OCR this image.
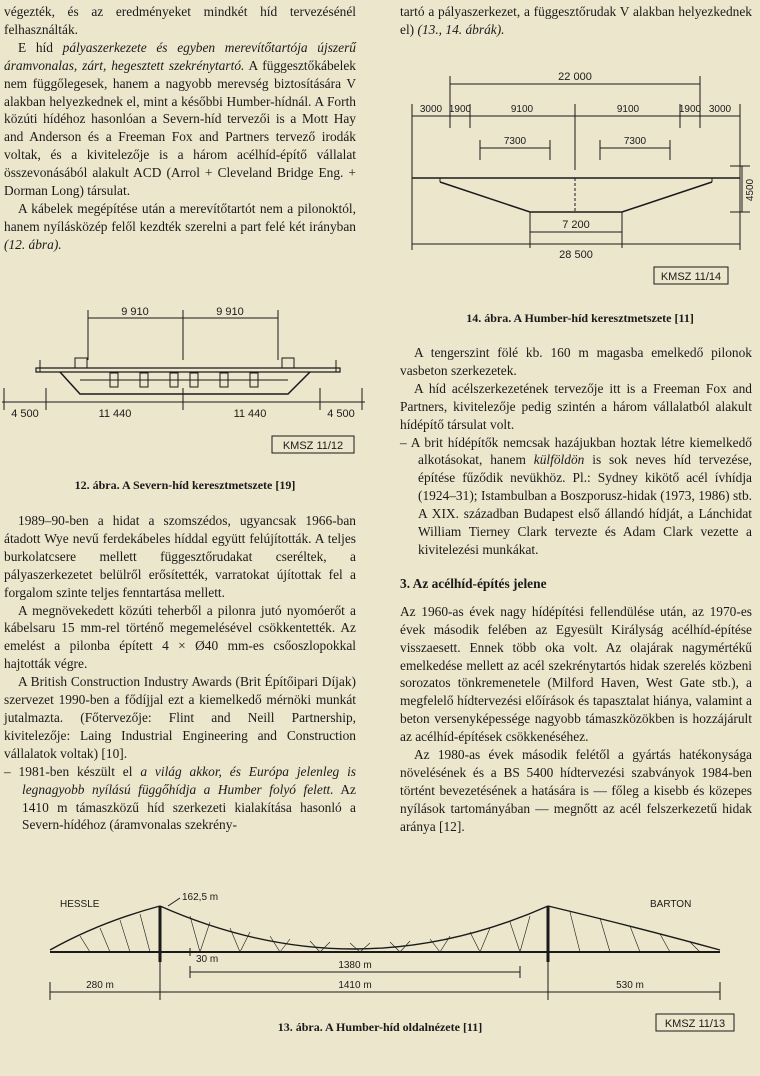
végezték, és az eredményeket mindkét híd tervezésénél felhasználták.

E híd pályaszerkezete és egyben merevítőtartója újszerű áramvonalas, zárt, hegesztett szekrénytartó. A függesztőkábelek nem függőlegesek, hanem a nagyobb merevség biztosítására V alakban helyezkednek el, mint a későbbi Humber-hídnál. A Forth közúti hídéhoz hasonlóan a Severn-híd tervezői is a Mott Hay and Anderson és a Freeman Fox and Partners tervező irodák voltak, és a kivitelezője is a három acélhíd-építő vállalat összevonásából alakult ACD (Arrol + Cleveland Bridge Eng. + Dorman Long) társulat.

A kábelek megépítése után a merevítőtartót nem a pilonoktól, hanem nyílásközép felől kezdték szerelni a part felé két irányban (12. ábra).

9 910	9 910
4 500	11 440	11 440	4 500
KMSZ 11/12
12. ábra. A Severn-híd keresztmetszete [19]

1989–90-ben a hidat a szomszédos, ugyancsak 1966-ban átadott Wye nevű ferdekábeles híddal együtt felújították. A teljes burkolatcsere mellett függesztőrudakat cseréltek, a pályaszerkezetet belülről erősítették, varratokat újítottak fel a forgalom szinte teljes fenntartása mellett.

A megnövekedett közúti teherből a pilonra jutó nyomóerőt a kábelsaru 15 mm-rel történő megemelésével csökkentették. Az emelést a pilonba épített 4 × Ø40 mm-es csőoszlopokkal hajtották végre.

A British Construction Industry Awards (Brit Építőipari Díjak) szervezet 1990-ben a fődíjjal ezt a kiemelkedő mérnöki munkát jutalmazta. (Főtervezője: Flint and Neill Partnership, kivitelezője: Laing Industrial Engineering and Construction vállalatok voltak) [10].

– 1981-ben készült el a világ akkor, és Európa jelenleg is legnagyobb nyílású függőhídja a Humber folyó felett. Az 1410 m támaszközű híd szerkezeti kialakítása hasonló a Severn-hídéhoz (áramvonalas szekrény-

tartó a pályaszerkezet, a függesztőrudak V alakban helyezkednek el) (13., 14. ábrák).

22 000
3000 1900	9100	9100	1900 3000
7300	7300
7 200
28 500
4500
KMSZ 11/14
14. ábra. A Humber-híd keresztmetszete [11]

A tengerszint fölé kb. 160 m magasba emelkedő pilonok vasbeton szerkezetek.

A híd acélszerkezetének tervezője itt is a Freeman Fox and Partners, kivitelezője pedig szintén a három vállalatból alakult hídépítő társulat volt.

– A brit hídépítők nemcsak hazájukban hoztak létre kiemelkedő alkotásokat, hanem külföldön is sok neves híd tervezése, építése fűződik nevükhöz. Pl.: Sydney kikötő acél ívhídja (1924–31); Istambulban a Boszporusz-hidak (1973, 1986) stb. A XIX. században Budapest első állandó hídját, a Lánchidat William Tierney Clark tervezte és Adam Clark vezette a kivitelezési munkákat.

3. Az acélhíd-építés jelene

Az 1960-as évek nagy hídépítési fellendülése után, az 1970-es évek második felében az Egyesült Királyság acélhíd-építése visszaesett. Ennek több oka volt. Az olajárak nagymértékű emelkedése mellett az acél szekrénytartós hidak szerelés közbeni sorozatos tönkremenetele (Milford Haven, West Gate stb.), a megfelelő hídtervezési előírások és tapasztalat hiánya, valamint a beton versenyképessége nagyobb támaszközökben is hozzájárult az acélhíd-építések csökkenéséhez.

Az 1980-as évek második felétől a gyártás hatékonysága növelésének és a BS 5400 hídtervezési szabványok 1984-ben történt bevezetésének a hatására is — főleg a kisebb és közepes nyílások tartományában — megnőtt az acél felszerkezetű hidak aránya [12].

HESSLE	BARTON
162,5 m
30 m
1380 m
280 m	1410 m	530 m
KMSZ 11/13
13. ábra. A Humber-híd oldalnézete [11]
